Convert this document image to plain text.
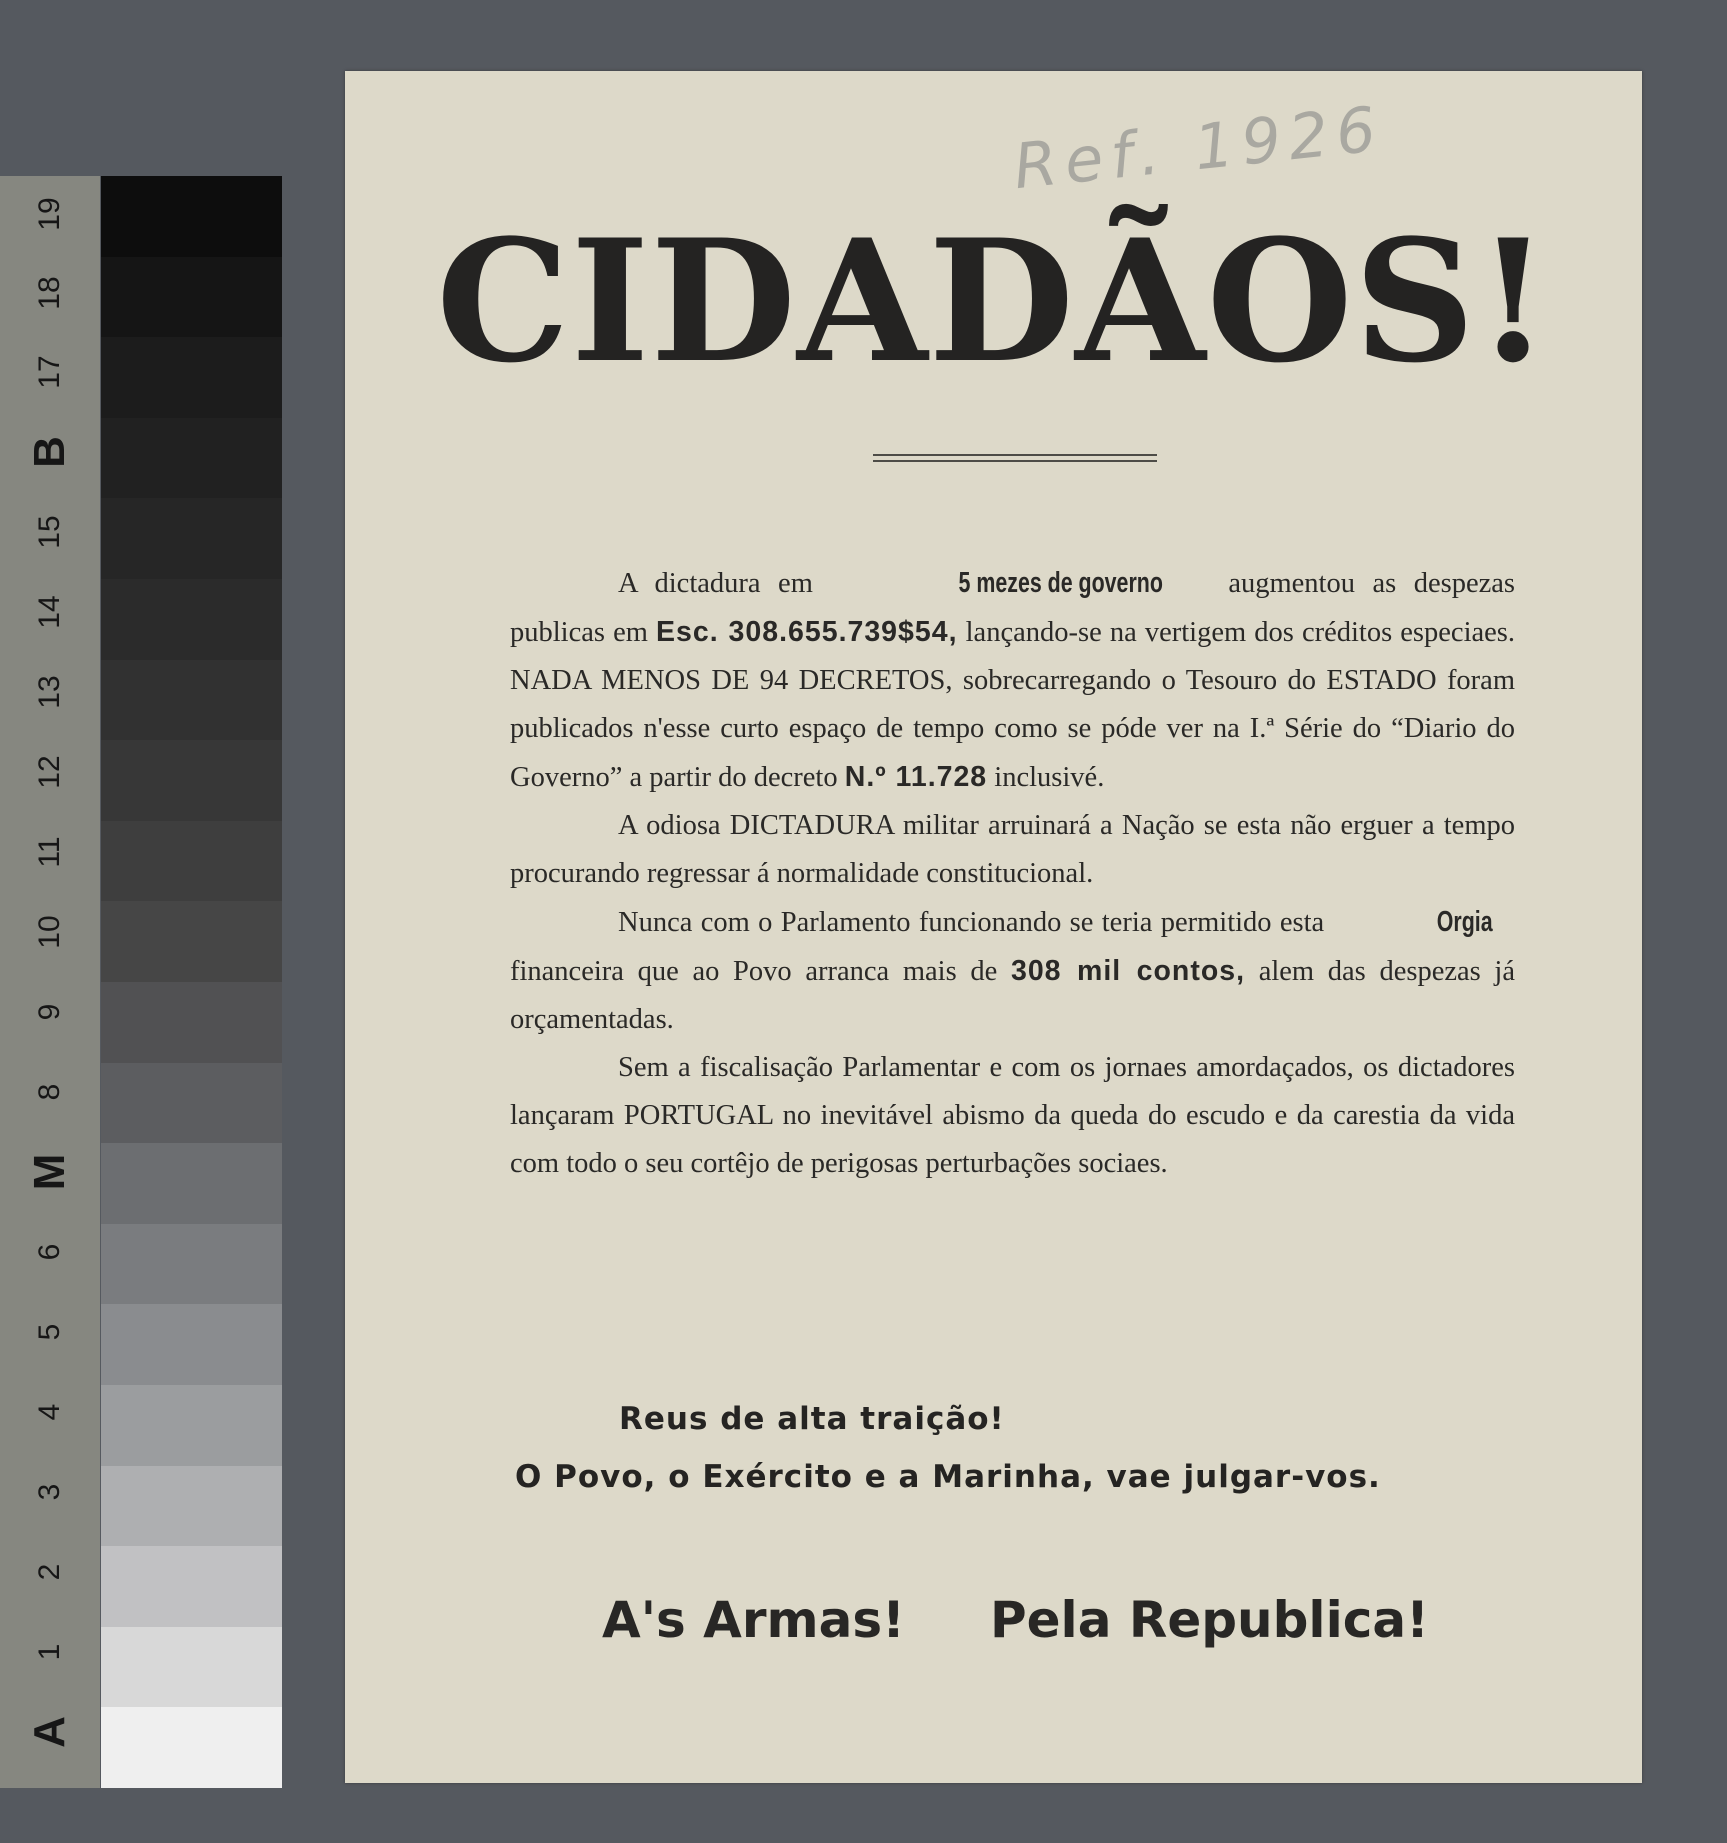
19
18
17
B
15
14
13
12
11
10
9
8
M
6
5
4
3
2
1
A
Ref. 1926
CIDADÃOS!

A dictadura em	5 mezes de governo augmentou as despezas publicas em Esc. 308.655.739$54, lançando-se na vertigem dos créditos especiaes. NADA MENOS DE 94 DECRETOS, sobrecarregando o Tesouro do ESTADO foram publicados n'esse curto espaço de tempo como se póde ver na I.ª Série do “Diario do Governo” a partir do decreto N.º 11.728 inclusivé.

A odiosa DICTADURA militar arruinará a Nação se esta não erguer a tempo procurando regressar á normalidade constitucional.

Nunca com o Parlamento funcionando se teria permitido esta	Orgia financeira que ao Povo arranca mais de 308 mil contos, alem das despezas já orçamentadas.

Sem a fiscalisação Parlamentar e com os jornaes amordaçados, os dictadores lançaram PORTUGAL no inevitável abismo da queda do escudo e da carestia da vida com todo o seu cortêjo de perigosas perturbações sociaes.

Reus de alta traição!
O Povo, o Exército e a Marinha, vae julgar-vos.
A's Armas! Pela Republica!
